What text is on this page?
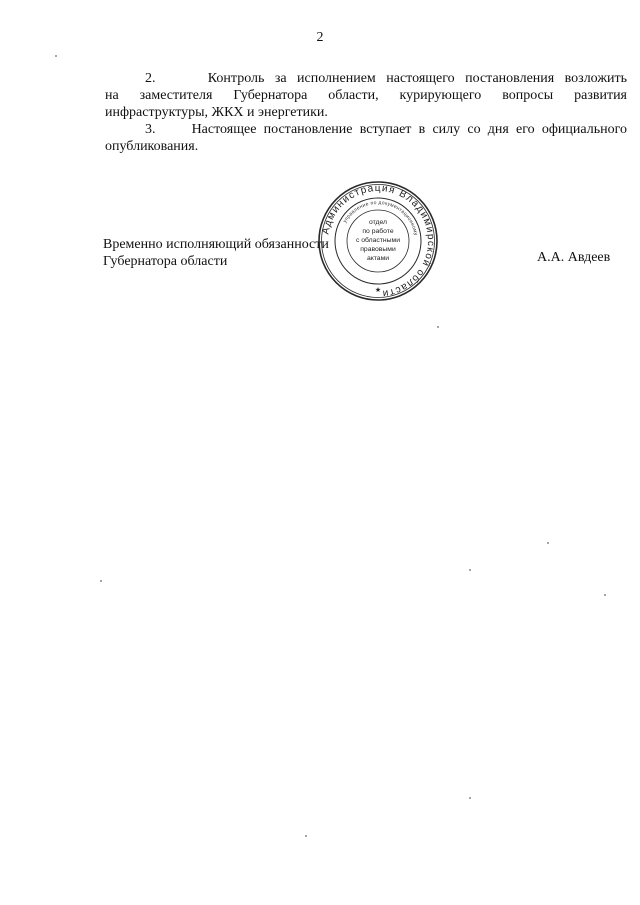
2
2.	Контроль за исполнением настоящего постановления возложить
на заместителя Губернатора области, курирующего вопросы развития
инфраструктуры, ЖКХ и энергетики.
3.	Настоящее постановление вступает в силу со дня его официального
опубликования.
Временно исполняющий обязанности
Губернатора области	А.А. Авдеев
Администрация Владимирской области
управление по документационному
отдел
по работе
с областными
правовыми
актами
★
